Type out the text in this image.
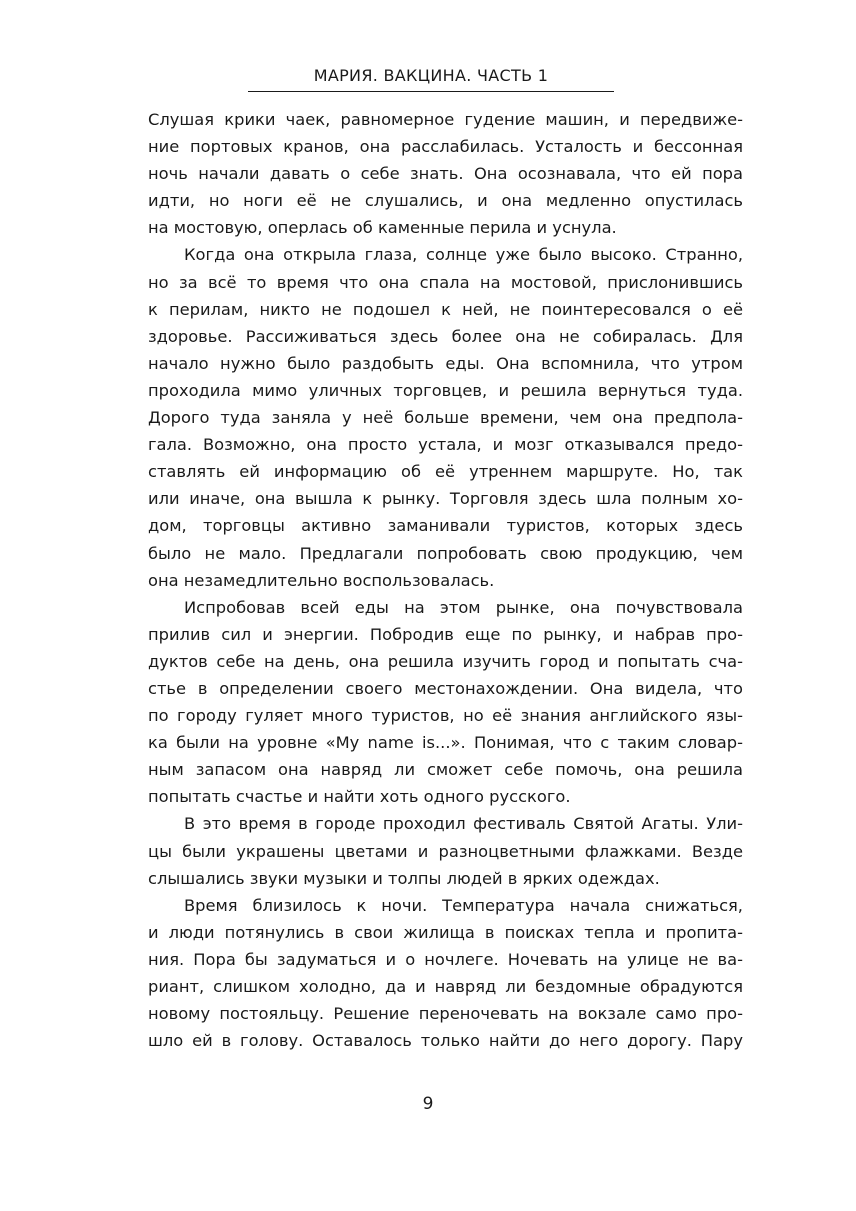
МАРИЯ. ВАКЦИНА. ЧАСТЬ 1
Слушая крики чаек, равномерное гудение машин, и передвиже-
ние портовых кранов, она расслабилась. Усталость и бессонная
ночь начали давать о себе знать. Она осознавала, что ей пора
идти, но ноги её не слушались, и она медленно опустилась
на мостовую, оперлась об каменные перила и уснула.
Когда она открыла глаза, солнце уже было высоко. Странно,
но за всё то время что она спала на мостовой, прислонившись
к перилам, никто не подошел к ней, не поинтересовался о её
здоровье. Рассиживаться здесь более она не собиралась. Для
начало нужно было раздобыть еды. Она вспомнила, что утром
проходила мимо уличных торговцев, и решила вернуться туда.
Дорого туда заняла у неё больше времени, чем она предпола-
гала. Возможно, она просто устала, и мозг отказывался предо-
ставлять ей информацию об её утреннем маршруте. Но, так
или иначе, она вышла к рынку. Торговля здесь шла полным хо-
дом, торговцы активно заманивали туристов, которых здесь
было не мало. Предлагали попробовать свою продукцию, чем
она незамедлительно воспользовалась.
Испробовав всей еды на этом рынке, она почувствовала
прилив сил и энергии. Побродив еще по рынку, и набрав про-
дуктов себе на день, она решила изучить город и попытать сча-
стье в определении своего местонахождении. Она видела, что
по городу гуляет много туристов, но её знания английского язы-
ка были на уровне «My name is...». Понимая, что с таким словар-
ным запасом она навряд ли сможет себе помочь, она решила
попытать счастье и найти хоть одного русского.
В это время в городе проходил фестиваль Святой Агаты. Ули-
цы были украшены цветами и разноцветными флажками. Везде
слышались звуки музыки и толпы людей в ярких одеждах.
Время близилось к ночи. Температура начала снижаться,
и люди потянулись в свои жилища в поисках тепла и пропита-
ния. Пора бы задуматься и о ночлеге. Ночевать на улице не ва-
риант, слишком холодно, да и навряд ли бездомные обрадуются
новому постояльцу. Решение переночевать на вокзале само про-
шло ей в голову. Оставалось только найти до него дорогу. Пару
9
